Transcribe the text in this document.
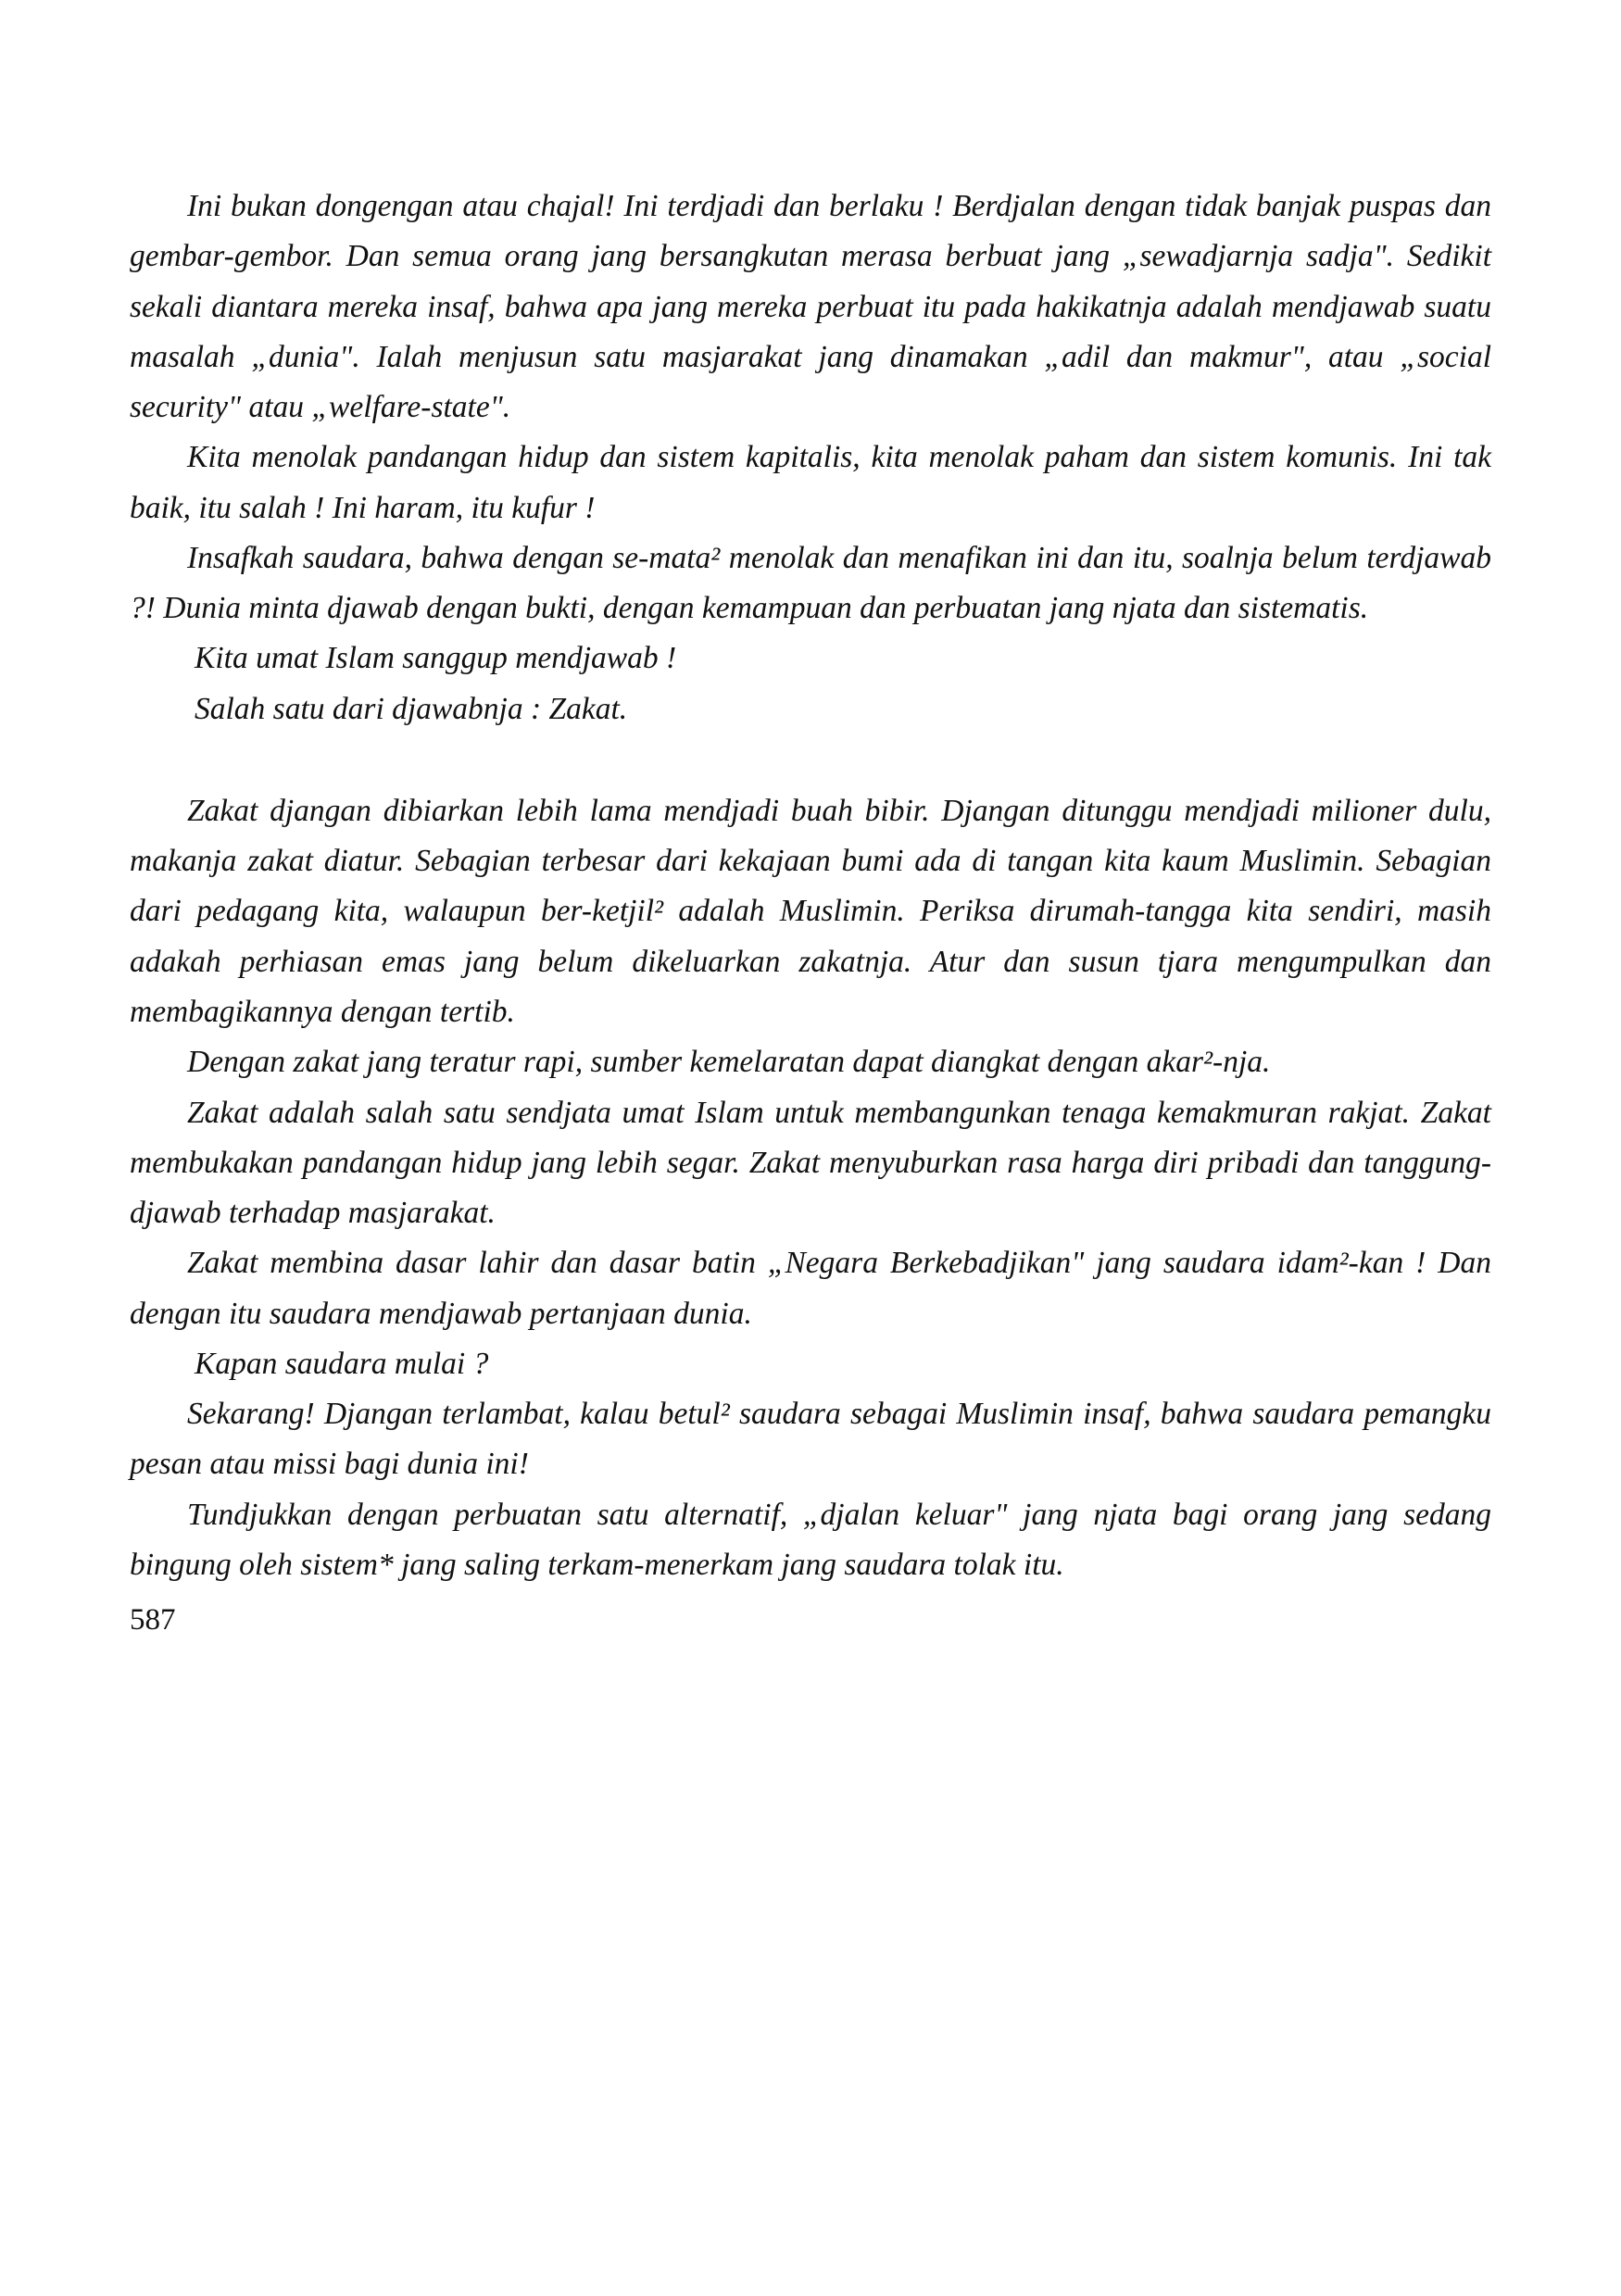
Ini bukan dongengan atau chajal! Ini terdjadi dan berlaku ! Berdjalan dengan tidak banjak puspas dan gembar-gembor. Dan semua orang jang bersangkutan merasa berbuat jang „sewadjarnja sadja". Sedikit sekali diantara mereka insaf, bahwa apa jang mereka perbuat itu pada hakikatnja adalah mendjawab suatu masalah „dunia". Ialah menjusun satu masjarakat jang dinamakan „adil dan makmur", atau „social security" atau „welfare-state".

Kita menolak pandangan hidup dan sistem kapitalis, kita menolak paham dan sistem komunis. Ini tak baik, itu salah ! Ini haram, itu kufur !

Insafkah saudara, bahwa dengan se-mata² menolak dan menafikan ini dan itu, soalnja belum terdjawab ?! Dunia minta djawab dengan bukti, dengan kemampuan dan perbuatan jang njata dan sistematis.

Kita umat Islam sanggup mendjawab !

Salah satu dari djawabnja : Zakat.

Zakat djangan dibiarkan lebih lama mendjadi buah bibir. Djangan ditunggu mendjadi milioner dulu, makanja zakat diatur. Sebagian terbesar dari kekajaan bumi ada di tangan kita kaum Muslimin. Sebagian dari pedagang kita, walaupun ber-ketjil² adalah Muslimin. Periksa dirumah-tangga kita sendiri, masih adakah perhiasan emas jang belum dikeluarkan zakatnja. Atur dan susun tjara mengumpulkan dan membagikannya dengan tertib.

Dengan zakat jang teratur rapi, sumber kemelaratan dapat diangkat dengan akar²-nja.

Zakat adalah salah satu sendjata umat Islam untuk membangunkan tenaga kemakmuran rakjat. Zakat membukakan pandangan hidup jang lebih segar. Zakat menyuburkan rasa harga diri pribadi dan tanggung-djawab terhadap masjarakat.

Zakat membina dasar lahir dan dasar batin „Negara Berkebadjikan" jang saudara idam²-kan ! Dan dengan itu saudara mendjawab pertanjaan dunia.

Kapan saudara mulai ?

Sekarang! Djangan terlambat, kalau betul² saudara sebagai Muslimin insaf, bahwa saudara pemangku pesan atau missi bagi dunia ini!

Tundjukkan dengan perbuatan satu alternatif, „djalan keluar" jang njata bagi orang jang sedang bingung oleh sistem* jang saling terkam-menerkam jang saudara tolak itu.

587
